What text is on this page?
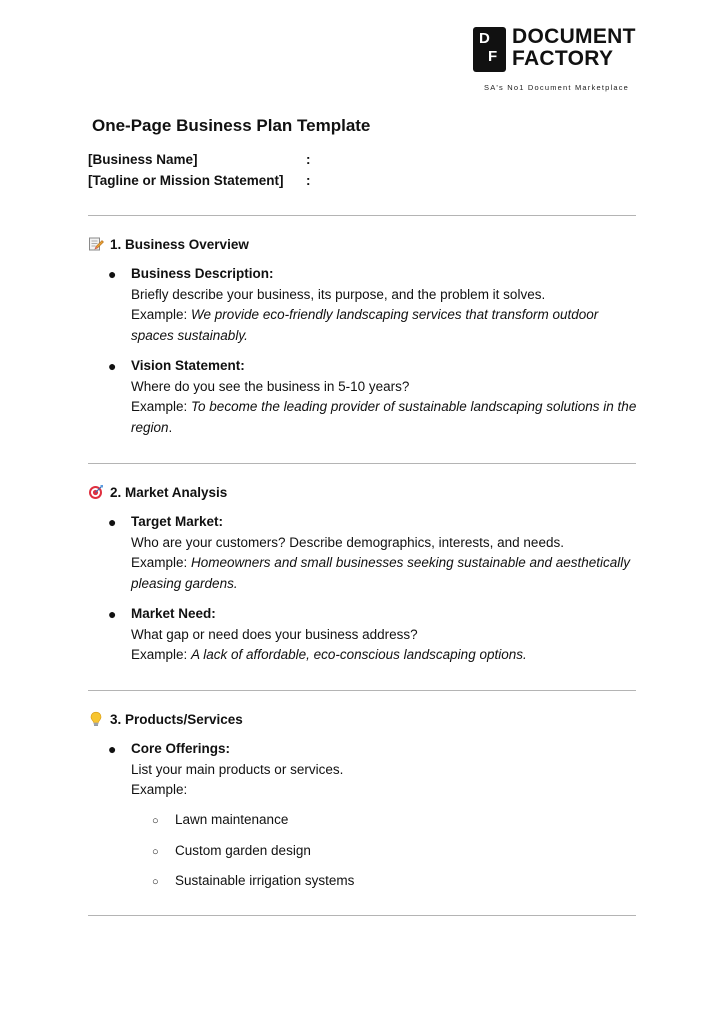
D
F
DOCUMENT
FACTORY
SA's No1 Document Marketplace
One-Page Business Plan Template
[Business Name]	:
[Tagline or Mission Statement] :
1. Business Overview
● Business Description:
Briefly describe your business, its purpose, and the problem it solves.
Example: We provide eco-friendly landscaping services that transform outdoor spaces sustainably.
● Vision Statement:
Where do you see the business in 5-10 years?
Example: To become the leading provider of sustainable landscaping solutions in the region.
2. Market Analysis
● Target Market:
Who are your customers? Describe demographics, interests, and needs.
Example: Homeowners and small businesses seeking sustainable and aesthetically pleasing gardens.
● Market Need:
What gap or need does your business address?
Example: A lack of affordable, eco-conscious landscaping options.
3. Products/Services
● Core Offerings:
List your main products or services.
Example:
○ Lawn maintenance
○ Custom garden design
○ Sustainable irrigation systems
